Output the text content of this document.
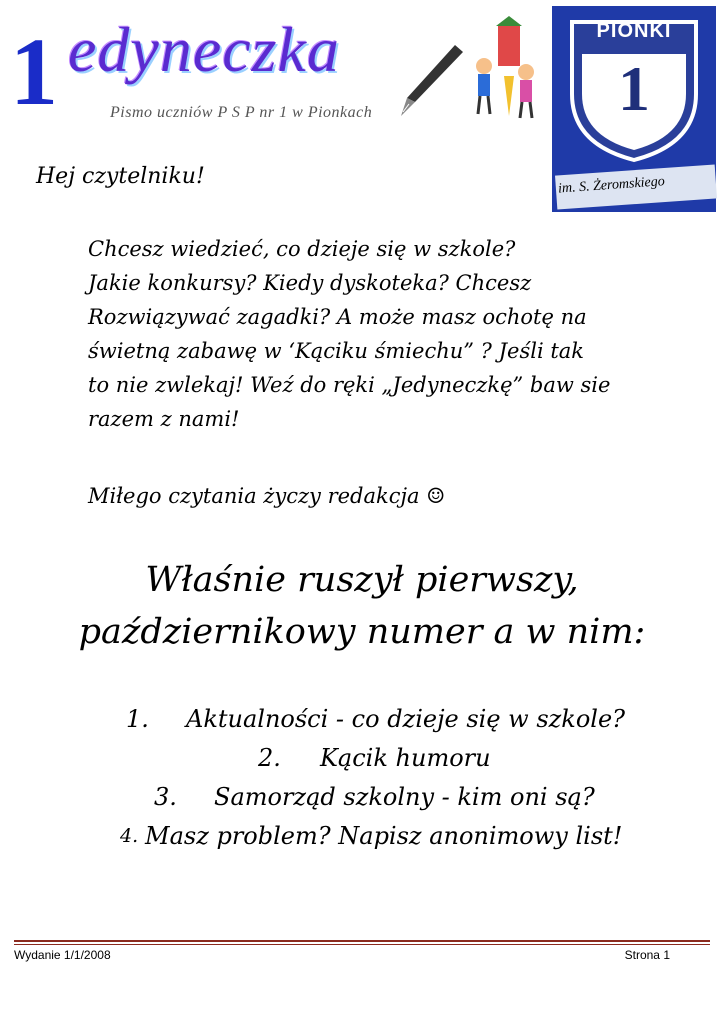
1 edyneczka
Pismo uczniów P S P nr 1 w Pionkach
PIONKI
1
im. S. Żeromskiego
Hej czytelniku!
Chcesz wiedzieć, co dzieje się w szkole?
Jakie konkursy? Kiedy dyskoteka? Chcesz
Rozwiązywać zagadki? A może masz ochotę na
świetną zabawę w ‘Kąciku śmiechu” ? Jeśli tak
to nie zwlekaj! Weź do ręki „Jedyneczkę” baw sie
razem z nami!
Miłego czytania życzy redakcja ☺
Właśnie ruszył pierwszy,
październikowy numer a w nim:
1. Aktualności - co dzieje się w szkole?
2. Kącik humoru
3. Samorząd szkolny - kim oni są?
4. Masz problem? Napisz anonimowy list!
Wydanie 1/1/2008	Strona 1
